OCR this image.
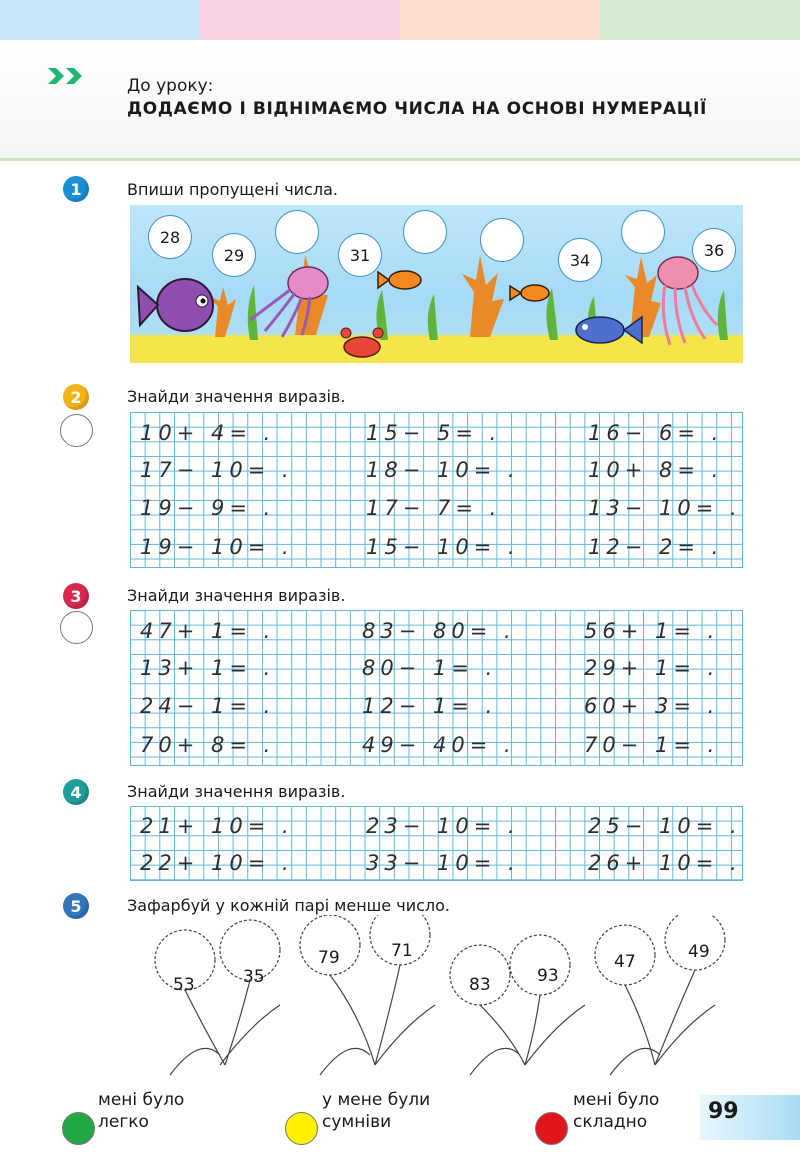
До уроку:
ДОДАЄМО І ВІДНІМАЄМО ЧИСЛА НА ОСНОВІ НУМЕРАЦІЇ
1	Впиши пропущені числа.
28
29	31	34
36
2	Знайди значення виразів.
10+ 4= .	15− 5= .	16− 6= .
17− 10= .	18− 10= .	10+ 8= .
19− 9= .	17− 7= .	13− 10= .
19− 10= .	15− 10= .	12− 2= .
3	Знайди значення виразів.
47+ 1= .	83− 80= .	56+ 1= .
13+ 1= .	80− 1= .	29+ 1= .
24− 1= .	12− 1= .	60+ 3= .
70+ 8= .	49− 40= .	70− 1= .
4	Знайди значення виразів.
21+ 10= .	23− 10= .	25− 10= .
22+ 10= .	33− 10= .	26+ 10= .
5	Зафарбуй у кожній парі менше число.
53	35
79	71
83	93
47	49
мені було
легко
у мене були
сумніви
мені було
складно	99
